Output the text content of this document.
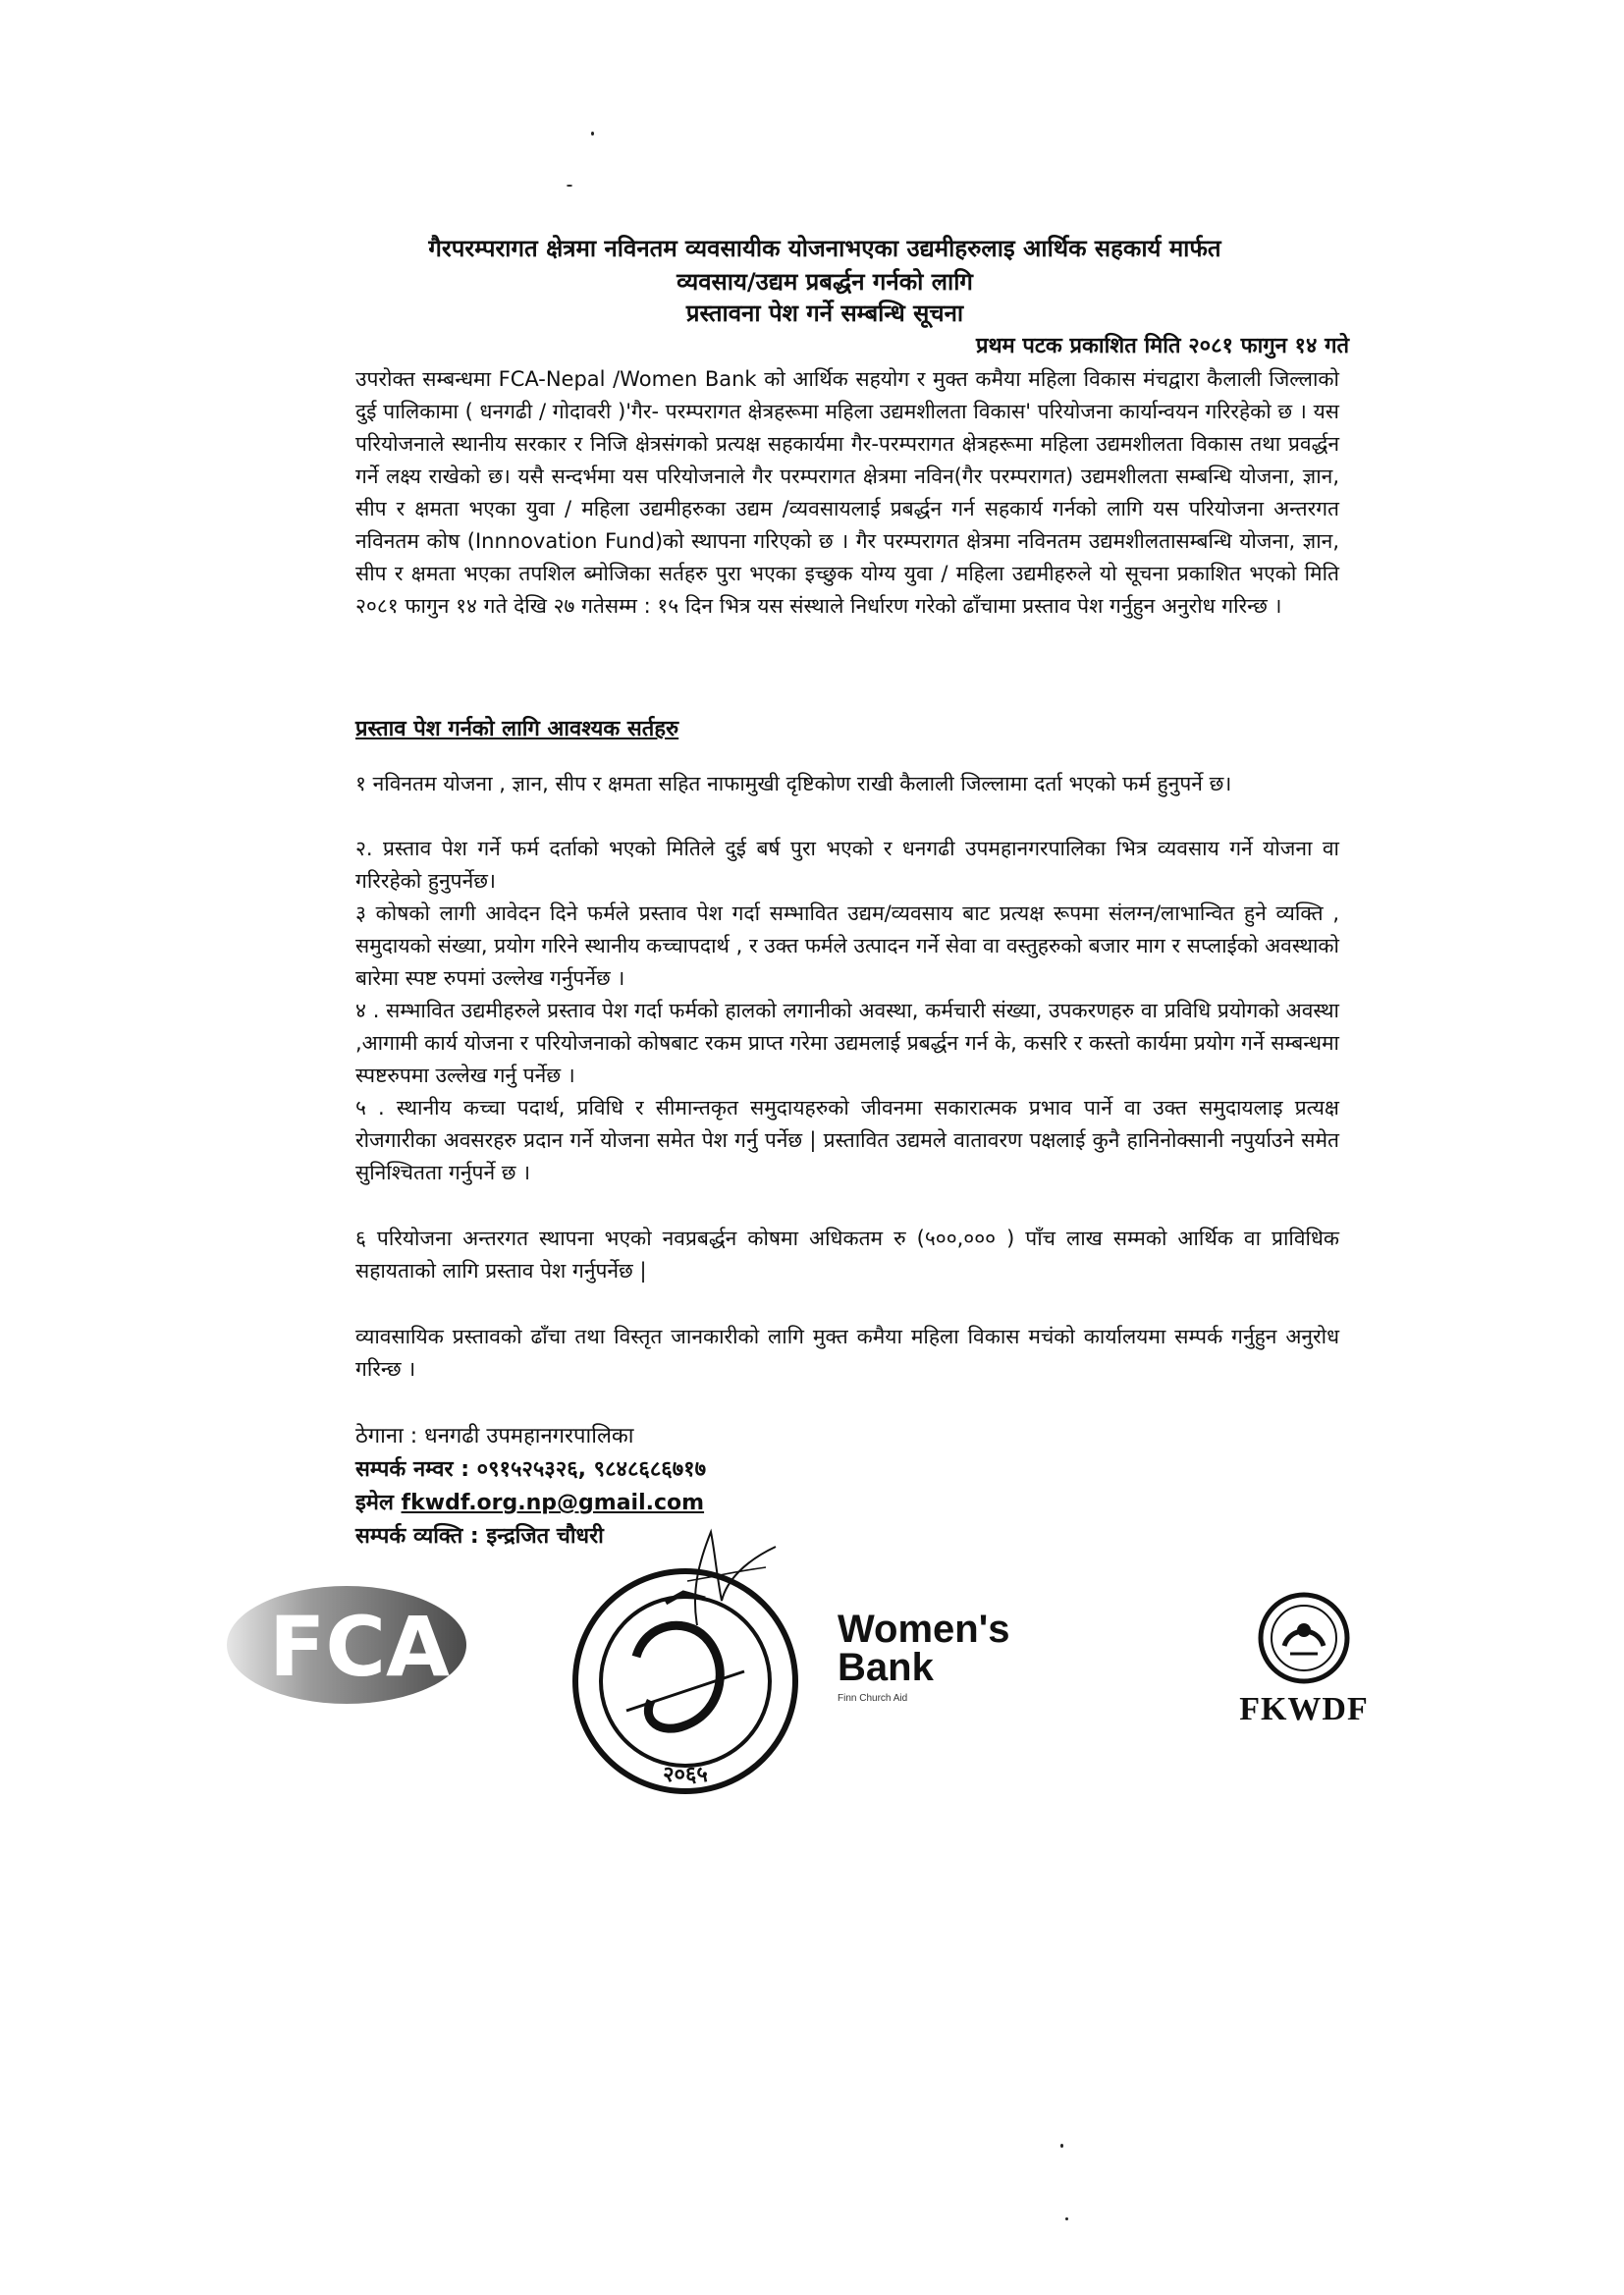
गैरपरम्परागत क्षेत्रमा नविनतम व्यवसायीक योजनाभएका उद्यमीहरुलाइ आर्थिक सहकार्य मार्फत
व्यवसाय/उद्यम प्रबर्द्धन गर्नको लागि
प्रस्तावना पेश गर्ने सम्बन्धि सूचना
प्रथम पटक प्रकाशित मिति २०८१ फागुन १४ गते

उपरोक्त सम्बन्धमा FCA-Nepal /Women Bank को आर्थिक सहयोग र मुक्त कमैया महिला विकास मंचद्वारा कैलाली जिल्लाको दुई पालिकामा ( धनगढी / गोदावरी )'गैर- परम्परागत क्षेत्रहरूमा महिला उद्यमशीलता विकास' परियोजना कार्यान्वयन गरिरहेको छ । यस परियोजनाले स्थानीय सरकार र निजि क्षेत्रसंगको प्रत्यक्ष सहकार्यमा गैर-परम्परागत क्षेत्रहरूमा महिला उद्यमशीलता विकास तथा प्रवर्द्धन गर्ने लक्ष्य राखेको छ। यसै सन्दर्भमा यस परियोजनाले गैर परम्परागत क्षेत्रमा नविन(गैर परम्परागत) उद्यमशीलता सम्बन्धि योजना, ज्ञान, सीप र क्षमता भएका युवा / महिला उद्यमीहरुका उद्यम /व्यवसायलाई प्रबर्द्धन गर्न सहकार्य गर्नको लागि यस परियोजना अन्तरगत नविनतम कोष (Innnovation Fund)को स्थापना गरिएको छ । गैर परम्परागत क्षेत्रमा नविनतम उद्यमशीलतासम्बन्धि योजना, ज्ञान, सीप र क्षमता भएका तपशिल ब्मोजिका सर्तहरु पुरा भएका इच्छुक योग्य युवा / महिला उद्यमीहरुले यो सूचना प्रकाशित भएको मिति २०८१ फागुन १४ गते देखि २७ गतेसम्म : १५ दिन भित्र यस संस्थाले निर्धारण गरेको ढाँचामा प्रस्ताव पेश गर्नुहुन अनुरोध गरिन्छ ।

प्रस्ताव पेश गर्नको लागि आवश्यक सर्तहरु

१ नविनतम योजना , ज्ञान, सीप र क्षमता सहित नाफामुखी दृष्टिकोण राखी कैलाली जिल्लामा दर्ता भएको फर्म हुनुपर्ने छ।

२. प्रस्ताव पेश गर्ने फर्म दर्ताको भएको मितिले दुई बर्ष पुरा भएको र धनगढी उपमहानगरपालिका भित्र व्यवसाय गर्ने योजना वा गरिरहेको हुनुपर्नेछ।

३ कोषको लागी आवेदन दिने फर्मले प्रस्ताव पेश गर्दा सम्भावित उद्यम/व्यवसाय बाट प्रत्यक्ष रूपमा संलग्न/लाभान्वित हुने व्यक्ति , समुदायको संख्या, प्रयोग गरिने स्थानीय कच्चापदार्थ , र उक्त फर्मले उत्पादन गर्ने सेवा वा वस्तुहरुको बजार माग र सप्लाईको अवस्थाको बारेमा स्पष्ट रुपमां उल्लेख गर्नुपर्नेछ ।

४ . सम्भावित उद्यमीहरुले प्रस्ताव पेश गर्दा फर्मको हालको लगानीको अवस्था, कर्मचारी संख्या, उपकरणहरु वा प्रविधि प्रयोगको अवस्था ,आगामी कार्य योजना र परियोजनाको कोषबाट रकम प्राप्त गरेमा उद्यमलाई प्रबर्द्धन गर्न के, कसरि र कस्तो कार्यमा प्रयोग गर्ने सम्बन्धमा स्पष्टरुपमा उल्लेख गर्नु पर्नेछ ।

५ . स्थानीय कच्चा पदार्थ, प्रविधि र सीमान्तकृत समुदायहरुको जीवनमा सकारात्मक प्रभाव पार्ने वा उक्त समुदायलाइ प्रत्यक्ष रोजगारीका अवसरहरु प्रदान गर्ने योजना समेत पेश गर्नु पर्नेछ | प्रस्तावित उद्यमले वातावरण पक्षलाई कुनै हानिनोक्सानी नपुर्याउने समेत सुनिश्चितता गर्नुपर्ने छ ।

६ परियोजना अन्तरगत स्थापना भएको नवप्रबर्द्धन कोषमा अधिकतम रु (५००,००० ) पाँच लाख सम्मको आर्थिक वा प्राविधिक सहायताको लागि प्रस्ताव पेश गर्नुपर्नेछ |

व्यावसायिक प्रस्तावको ढाँचा तथा विस्तृत जानकारीको लागि मुक्त कमैया महिला विकास मचंको कार्यालयमा सम्पर्क गर्नुहुन अनुरोध गरिन्छ ।

ठेगाना : धनगढी उपमहानगरपालिका
सम्पर्क नम्वर : ०९१५२५३२६, ९८४८६८६७१७
इमेल fkwdf.org.np@gmail.com
सम्पर्क व्यक्ति : इन्द्रजित चौधरी
FCA
२०६५
Women's
Bank
Finn Church Aid	FKWDF
